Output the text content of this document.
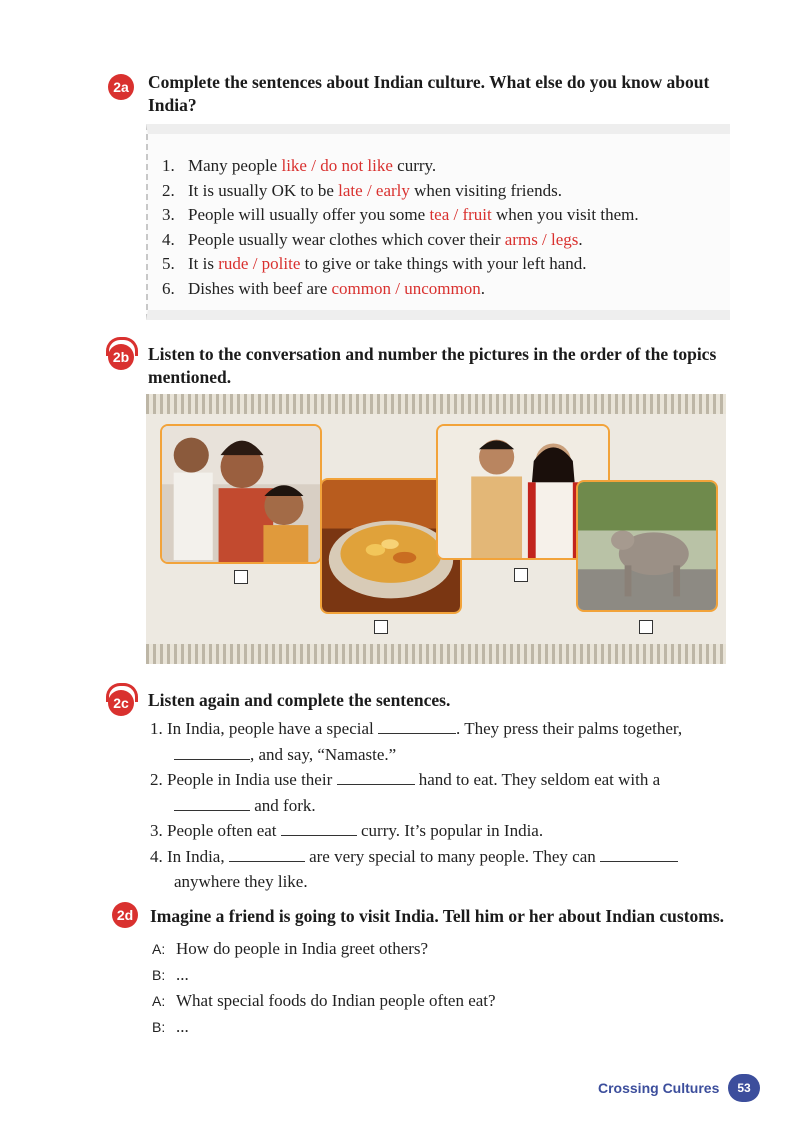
2a Complete the sentences about Indian culture. What else do you know about India?
1. Many people like / do not like curry.
2. It is usually OK to be late / early when visiting friends.
3. People will usually offer you some tea / fruit when you visit them.
4. People usually wear clothes which cover their arms / legs.
5. It is rude / polite to give or take things with your left hand.
6. Dishes with beef are common / uncommon.
2b Listen to the conversation and number the pictures in the order of the topics mentioned.
2c Listen again and complete the sentences.
1. In India, people have a special	. They press their palms together,
, and say, “Namaste.”
2. People in India use their	hand to eat. They seldom eat with a
and fork.
3. People often eat	curry. It’s popular in India.
4. In India,	are very special to many people. They can
anywhere they like.
2d Imagine a friend is going to visit India. Tell him or her about Indian customs.
A: How do people in India greet others?
B: ...
A: What special foods do Indian people often eat?
B: ...
Crossing Cultures	53
